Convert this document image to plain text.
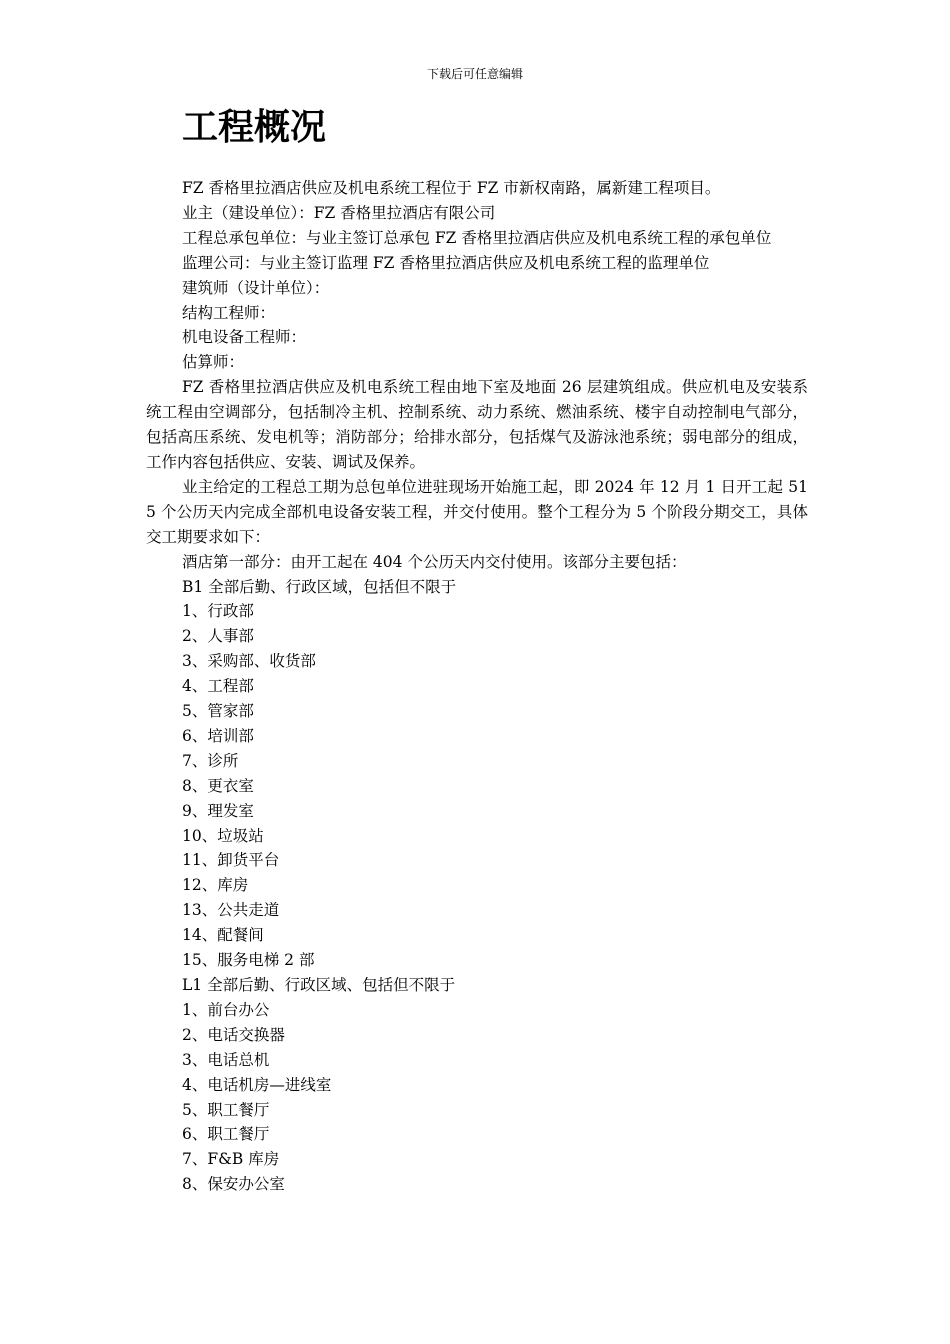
下载后可任意编辑
工程概况

FZ 香格里拉酒店供应及机电系统工程位于 FZ 市新权南路，属新建工程项目。

业主（建设单位）：FZ 香格里拉酒店有限公司

工程总承包单位：与业主签订总承包 FZ 香格里拉酒店供应及机电系统工程的承包单位

监理公司：与业主签订监理 FZ 香格里拉酒店供应及机电系统工程的监理单位

建筑师（设计单位）：

结构工程师：

机电设备工程师：

估算师：

FZ 香格里拉酒店供应及机电系统工程由地下室及地面 26 层建筑组成。供应机电及安装系统工程由空调部分，包括制冷主机、控制系统、动力系统、燃油系统、楼宇自动控制电气部分，包括高压系统、发电机等；消防部分；给排水部分，包括煤气及游泳池系统；弱电部分的组成，工作内容包括供应、安装、调试及保养。

业主给定的工程总工期为总包单位进驻现场开始施工起，即 2024 年 12 月 1 日开工起 515 个公历天内完成全部机电设备安装工程，并交付使用。整个工程分为 5 个阶段分期交工，具体交工期要求如下：

酒店第一部分：由开工起在 404 个公历天内交付使用。该部分主要包括：

B1 全部后勤、行政区域，包括但不限于

1、行政部

2、人事部

3、采购部、收货部

4、工程部

5、管家部

6、培训部

7、诊所

8、更衣室

9、理发室

10、垃圾站

11、卸货平台

12、库房

13、公共走道

14、配餐间

15、服务电梯 2 部

L1 全部后勤、行政区域、包括但不限于

1、前台办公

2、电话交换器

3、电话总机

4、电话机房—进线室

5、职工餐厅

6、职工餐厅

7、F&B 库房

8、保安办公室
